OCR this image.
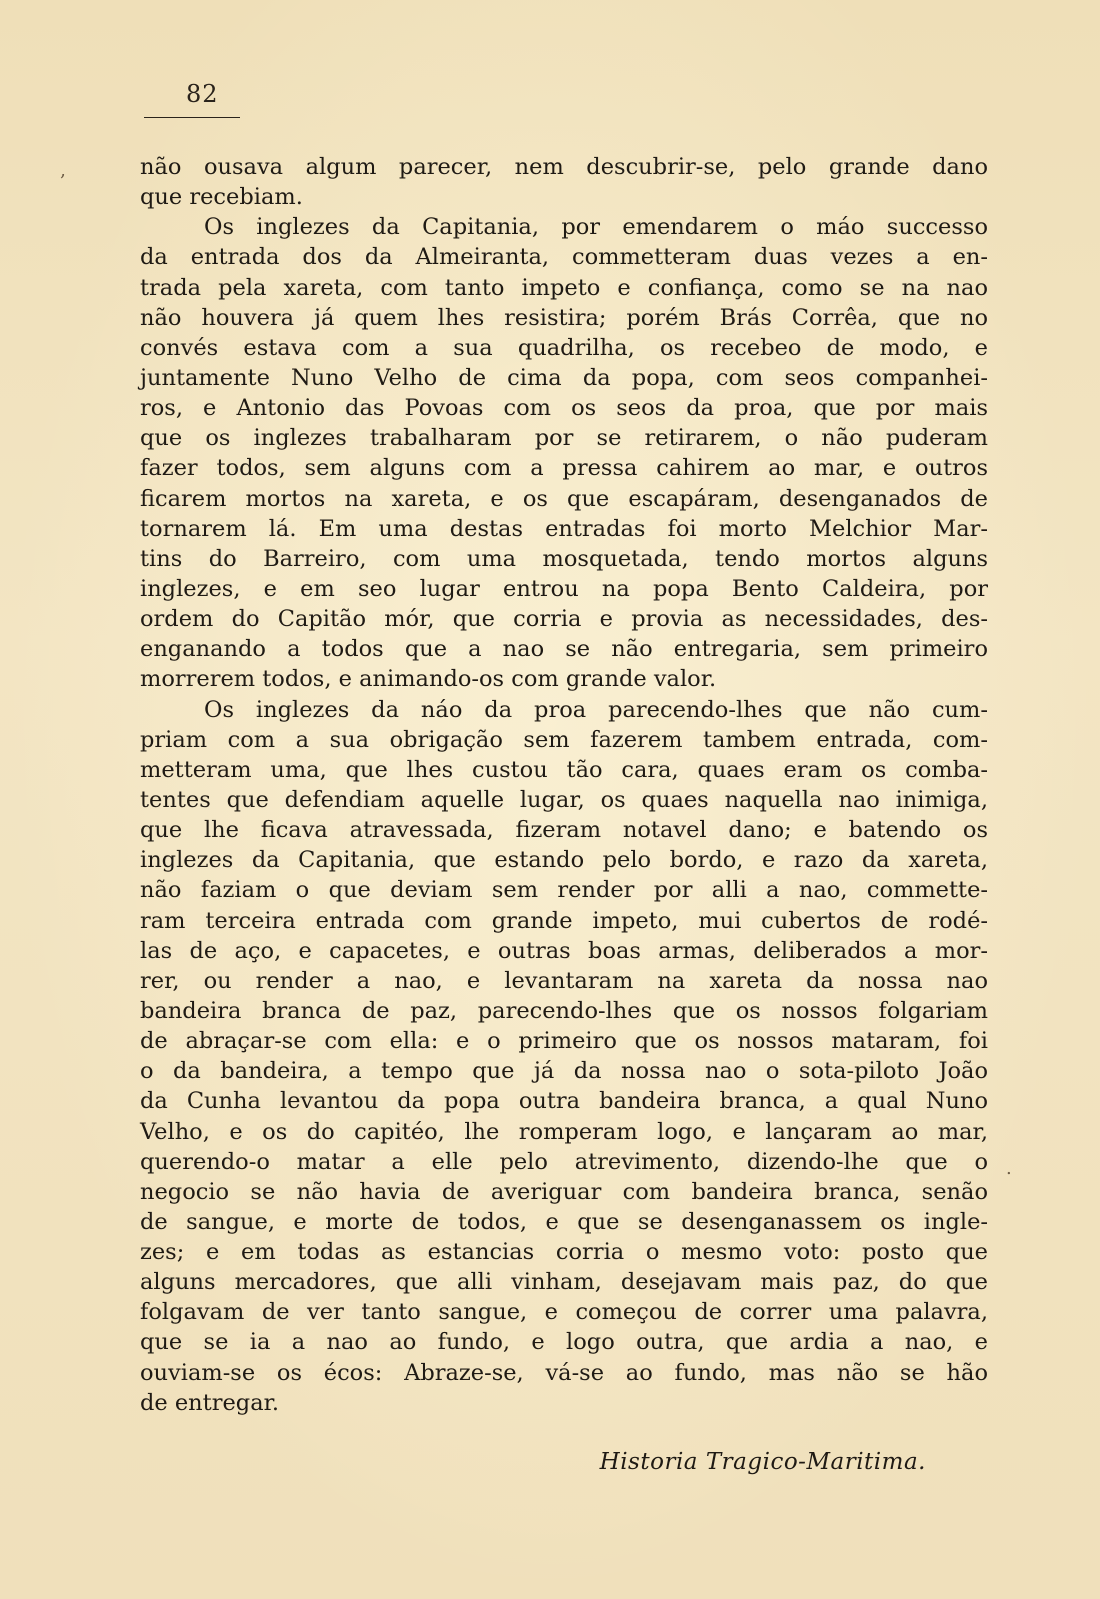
82
não ousava algum parecer, nem descubrir-se, pelo grande dano
que recebiam.
Os inglezes da Capitania, por emendarem o máo successo
da entrada dos da Almeiranta, commetteram duas vezes a en-
trada pela xareta, com tanto impeto e confiança, como se na nao
não houvera já quem lhes resistira; porém Brás Corrêa, que no
convés estava com a sua quadrilha, os recebeo de modo, e
juntamente Nuno Velho de cima da popa, com seos companhei-
ros, e Antonio das Povoas com os seos da proa, que por mais
que os inglezes trabalharam por se retirarem, o não puderam
fazer todos, sem alguns com a pressa cahirem ao mar, e outros
ficarem mortos na xareta, e os que escapáram, desenganados de
tornarem lá. Em uma destas entradas foi morto Melchior Mar-
tins do Barreiro, com uma mosquetada, tendo mortos alguns
inglezes, e em seo lugar entrou na popa Bento Caldeira, por
ordem do Capitão mór, que corria e provia as necessidades, des-
enganando a todos que a nao se não entregaria, sem primeiro
morrerem todos, e animando-os com grande valor.
Os inglezes da náo da proa parecendo-lhes que não cum-
priam com a sua obrigação sem fazerem tambem entrada, com-
metteram uma, que lhes custou tão cara, quaes eram os comba-
tentes que defendiam aquelle lugar, os quaes naquella nao inimiga,
que lhe ficava atravessada, fizeram notavel dano; e batendo os
inglezes da Capitania, que estando pelo bordo, e razo da xareta,
não faziam o que deviam sem render por alli a nao, commette-
ram terceira entrada com grande impeto, mui cubertos de rodé-
las de aço, e capacetes, e outras boas armas, deliberados a mor-
rer, ou render a nao, e levantaram na xareta da nossa nao
bandeira branca de paz, parecendo-lhes que os nossos folgariam
de abraçar-se com ella: e o primeiro que os nossos mataram, foi
o da bandeira, a tempo que já da nossa nao o sota-piloto João
da Cunha levantou da popa outra bandeira branca, a qual Nuno
Velho, e os do capitéo, lhe romperam logo, e lançaram ao mar,
querendo-o matar a elle pelo atrevimento, dizendo-lhe que o
negocio se não havia de averiguar com bandeira branca, senão
de sangue, e morte de todos, e que se desenganassem os ingle-
zes; e em todas as estancias corria o mesmo voto: posto que
alguns mercadores, que alli vinham, desejavam mais paz, do que
folgavam de ver tanto sangue, e começou de correr uma palavra,
que se ia a nao ao fundo, e logo outra, que ardia a nao, e
ouviam-se os écos: Abraze-se, vá-se ao fundo, mas não se hão
de entregar.
Historia Tragico-Maritima.
‚
.
